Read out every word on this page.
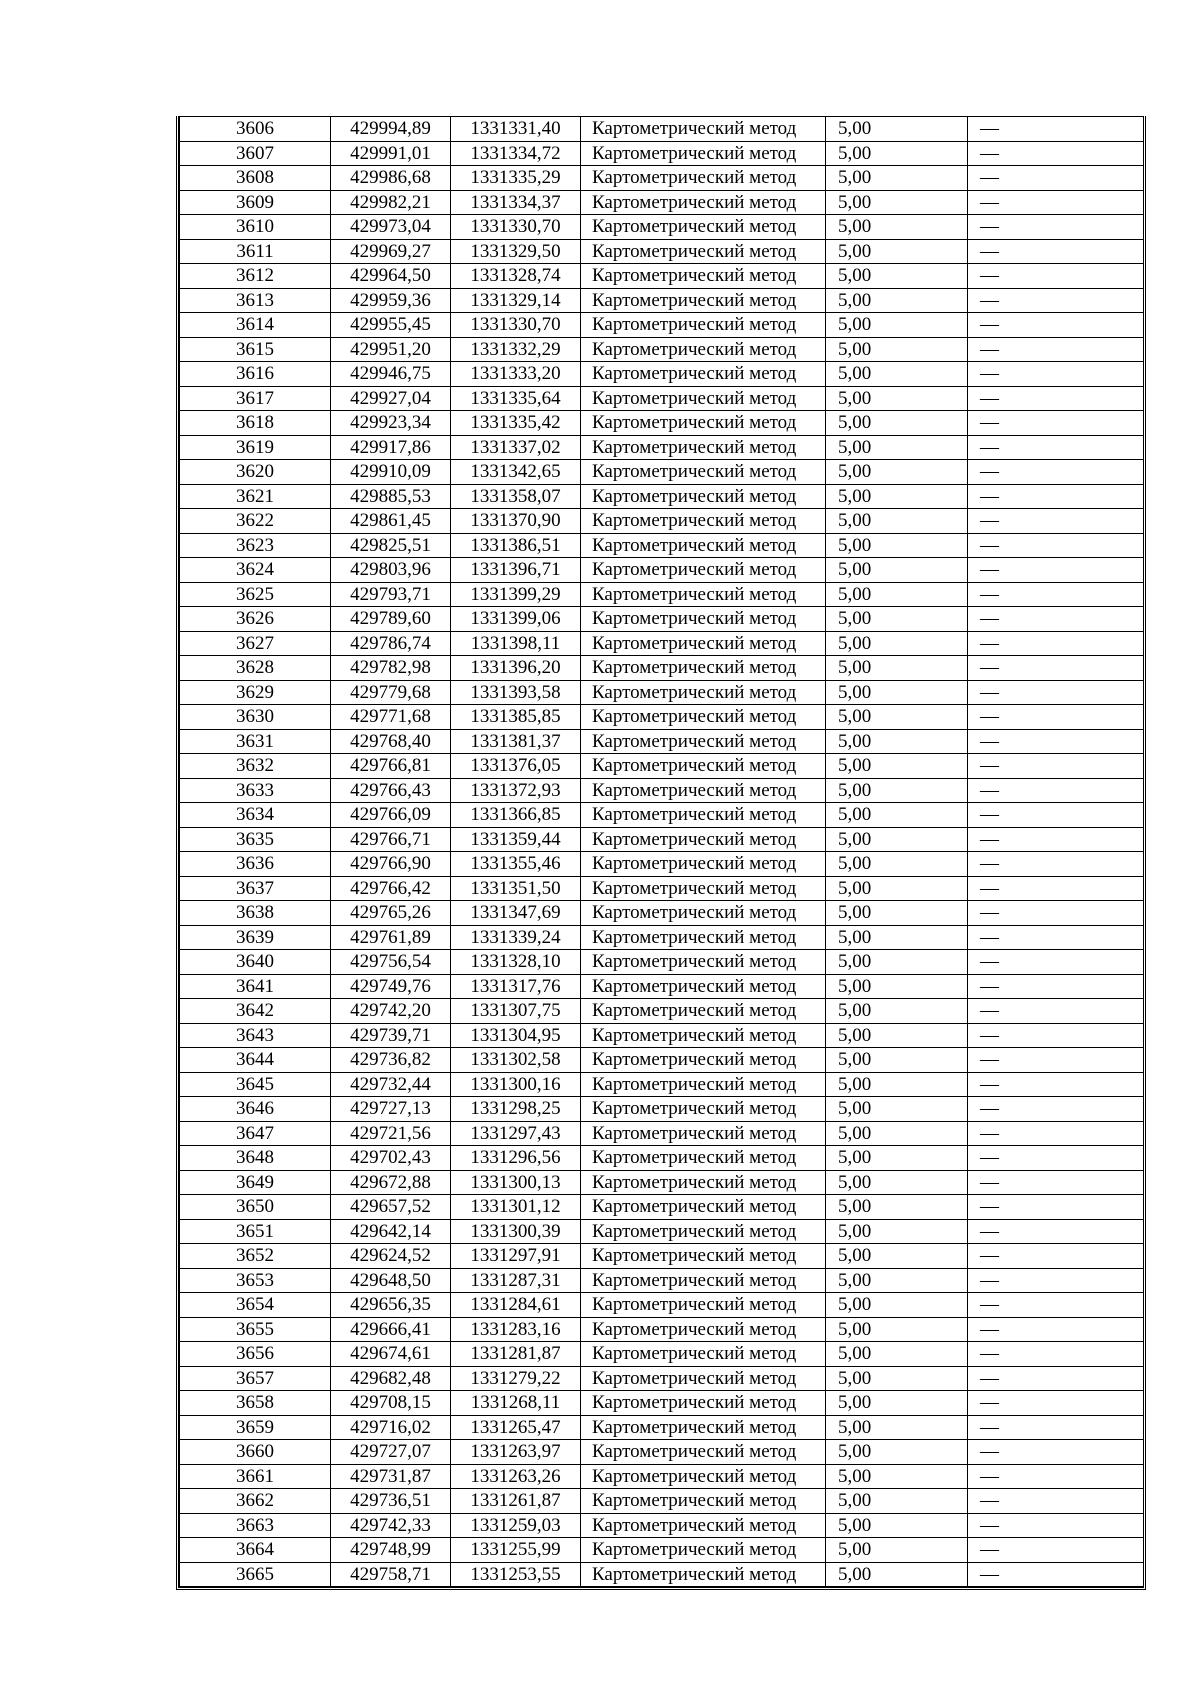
3606	429994,89	1331331,40	Картометрический метод	5,00	—
3607	429991,01	1331334,72	Картометрический метод	5,00	—
3608	429986,68	1331335,29	Картометрический метод	5,00	—
3609	429982,21	1331334,37	Картометрический метод	5,00	—
3610	429973,04	1331330,70	Картометрический метод	5,00	—
3611	429969,27	1331329,50	Картометрический метод	5,00	—
3612	429964,50	1331328,74	Картометрический метод	5,00	—
3613	429959,36	1331329,14	Картометрический метод	5,00	—
3614	429955,45	1331330,70	Картометрический метод	5,00	—
3615	429951,20	1331332,29	Картометрический метод	5,00	—
3616	429946,75	1331333,20	Картометрический метод	5,00	—
3617	429927,04	1331335,64	Картометрический метод	5,00	—
3618	429923,34	1331335,42	Картометрический метод	5,00	—
3619	429917,86	1331337,02	Картометрический метод	5,00	—
3620	429910,09	1331342,65	Картометрический метод	5,00	—
3621	429885,53	1331358,07	Картометрический метод	5,00	—
3622	429861,45	1331370,90	Картометрический метод	5,00	—
3623	429825,51	1331386,51	Картометрический метод	5,00	—
3624	429803,96	1331396,71	Картометрический метод	5,00	—
3625	429793,71	1331399,29	Картометрический метод	5,00	—
3626	429789,60	1331399,06	Картометрический метод	5,00	—
3627	429786,74	1331398,11	Картометрический метод	5,00	—
3628	429782,98	1331396,20	Картометрический метод	5,00	—
3629	429779,68	1331393,58	Картометрический метод	5,00	—
3630	429771,68	1331385,85	Картометрический метод	5,00	—
3631	429768,40	1331381,37	Картометрический метод	5,00	—
3632	429766,81	1331376,05	Картометрический метод	5,00	—
3633	429766,43	1331372,93	Картометрический метод	5,00	—
3634	429766,09	1331366,85	Картометрический метод	5,00	—
3635	429766,71	1331359,44	Картометрический метод	5,00	—
3636	429766,90	1331355,46	Картометрический метод	5,00	—
3637	429766,42	1331351,50	Картометрический метод	5,00	—
3638	429765,26	1331347,69	Картометрический метод	5,00	—
3639	429761,89	1331339,24	Картометрический метод	5,00	—
3640	429756,54	1331328,10	Картометрический метод	5,00	—
3641	429749,76	1331317,76	Картометрический метод	5,00	—
3642	429742,20	1331307,75	Картометрический метод	5,00	—
3643	429739,71	1331304,95	Картометрический метод	5,00	—
3644	429736,82	1331302,58	Картометрический метод	5,00	—
3645	429732,44	1331300,16	Картометрический метод	5,00	—
3646	429727,13	1331298,25	Картометрический метод	5,00	—
3647	429721,56	1331297,43	Картометрический метод	5,00	—
3648	429702,43	1331296,56	Картометрический метод	5,00	—
3649	429672,88	1331300,13	Картометрический метод	5,00	—
3650	429657,52	1331301,12	Картометрический метод	5,00	—
3651	429642,14	1331300,39	Картометрический метод	5,00	—
3652	429624,52	1331297,91	Картометрический метод	5,00	—
3653	429648,50	1331287,31	Картометрический метод	5,00	—
3654	429656,35	1331284,61	Картометрический метод	5,00	—
3655	429666,41	1331283,16	Картометрический метод	5,00	—
3656	429674,61	1331281,87	Картометрический метод	5,00	—
3657	429682,48	1331279,22	Картометрический метод	5,00	—
3658	429708,15	1331268,11	Картометрический метод	5,00	—
3659	429716,02	1331265,47	Картометрический метод	5,00	—
3660	429727,07	1331263,97	Картометрический метод	5,00	—
3661	429731,87	1331263,26	Картометрический метод	5,00	—
3662	429736,51	1331261,87	Картометрический метод	5,00	—
3663	429742,33	1331259,03	Картометрический метод	5,00	—
3664	429748,99	1331255,99	Картометрический метод	5,00	—
3665	429758,71	1331253,55	Картометрический метод	5,00	—
